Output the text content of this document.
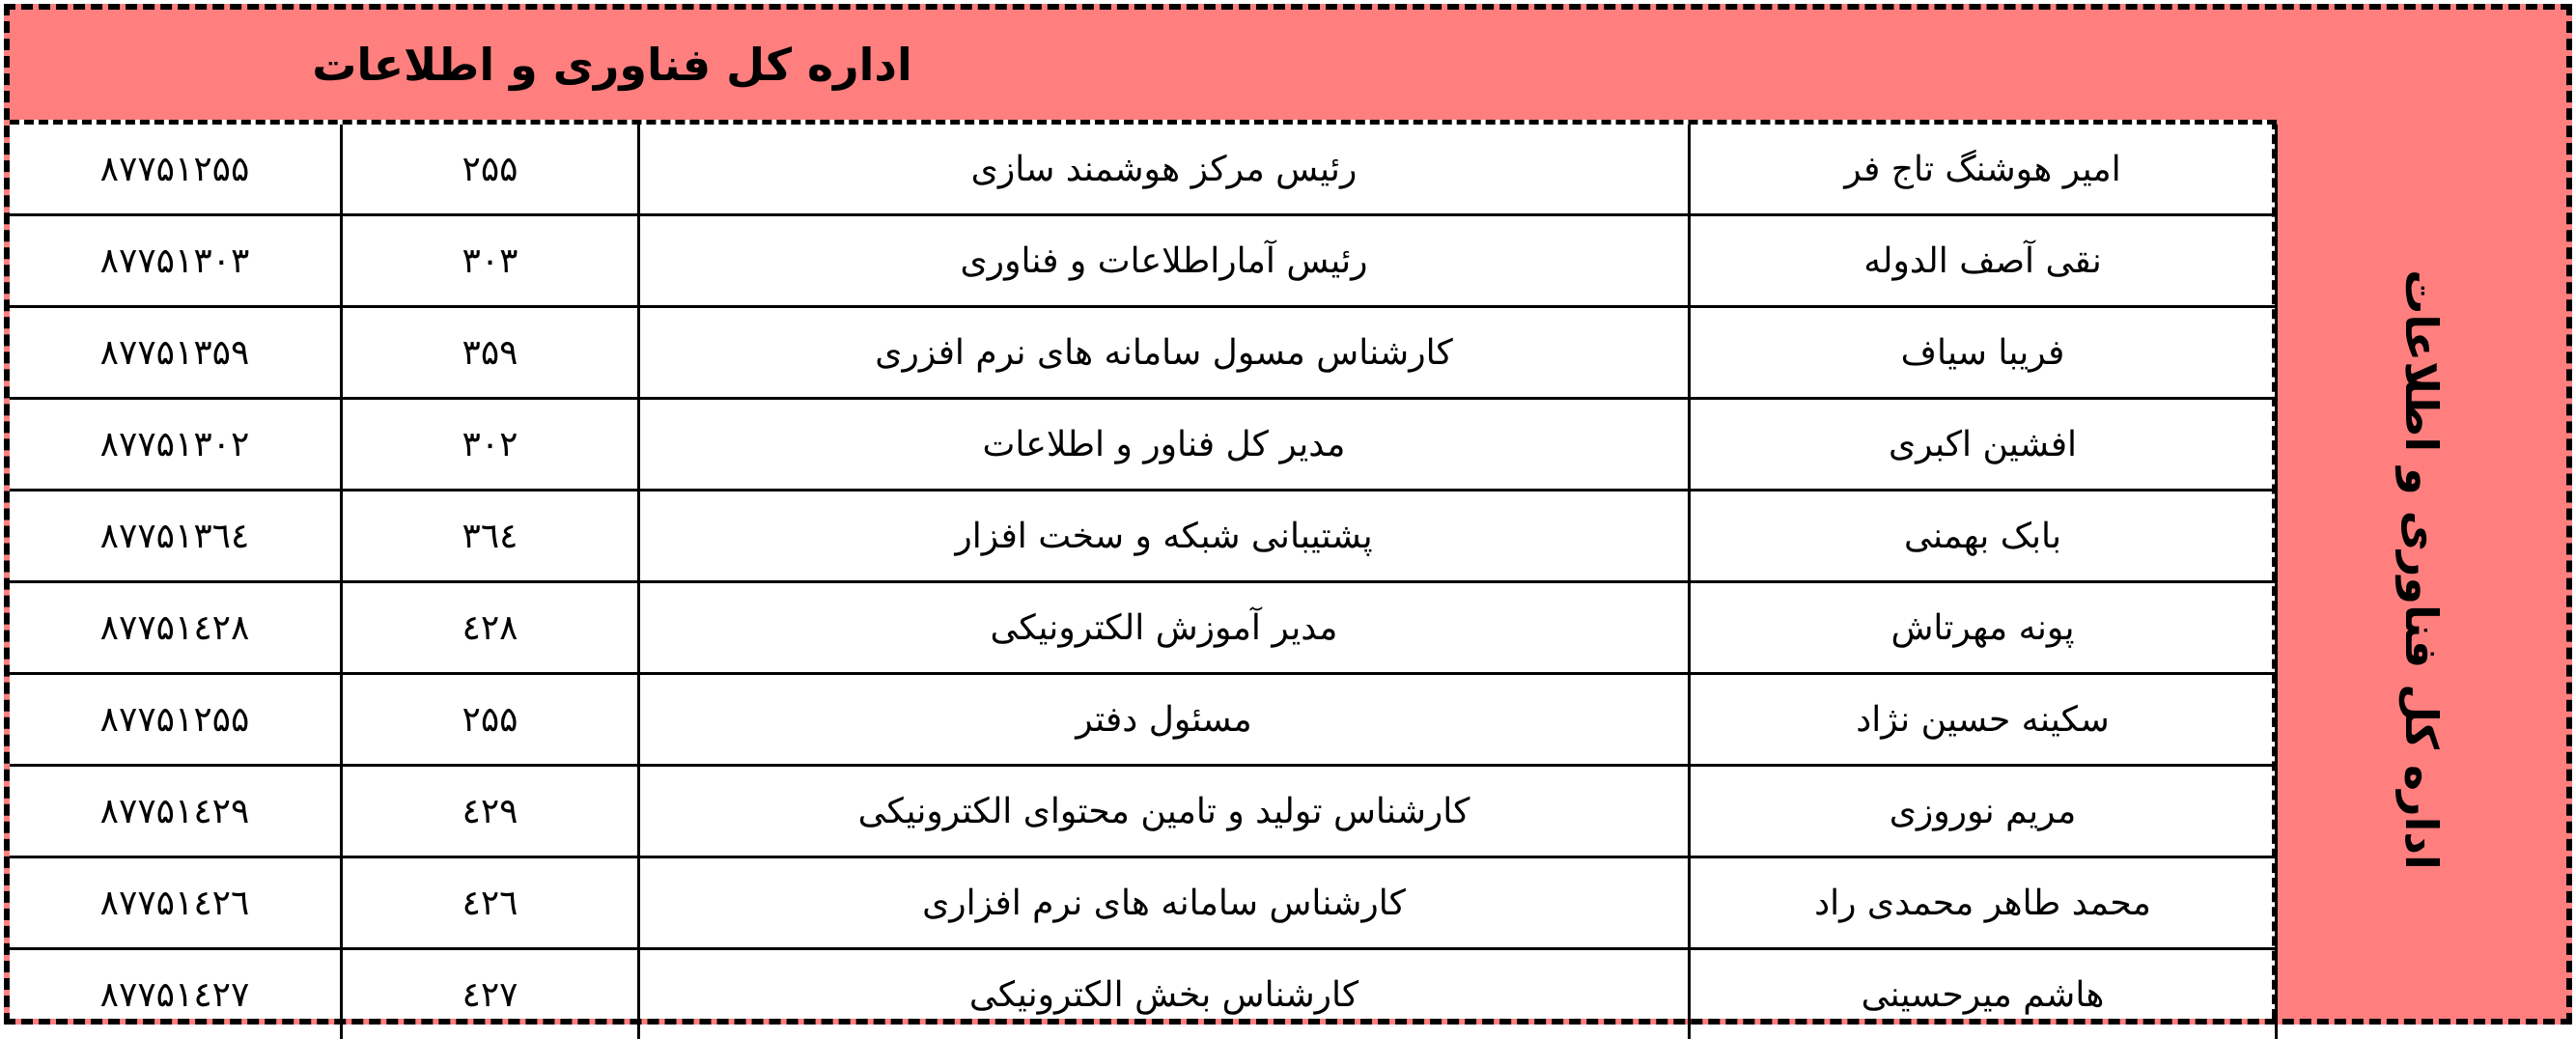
اداره کل فناوری و اطلاعات
۸۷۷۵۱۲۵۵	۲۵۵	رئیس مرکز هوشمند سازی	امیر هوشنگ تاج فر
۸۷۷۵۱۳۰۳	۳۰۳	رئیس آماراطلاعات و فناوری	نقی آصف الدوله
۸۷۷۵۱۳۵۹	۳۵۹	کارشناس مسول سامانه های نرم افزری	فریبا سیاف
۸۷۷۵۱۳۰۲	۳۰۲	مدیر کل فناور و اطلاعات	افشین اکبری
۸۷۷۵۱۳٦٤	۳٦٤	پشتیبانی شبکه و سخت افزار	بابک بهمنی
۸۷۷۵۱٤۲۸	٤۲۸	مدیر آموزش الکترونیکی	پونه مهرتاش
۸۷۷۵۱۲۵۵	۲۵۵	مسئول دفتر	سکینه حسین نژاد
۸۷۷۵۱٤۲۹	٤۲۹	کارشناس تولید و تامین محتوای الکترونیکی	مریم نوروزی
۸۷۷۵۱٤۲٦	٤۲٦	کارشناس سامانه های نرم افزاری	محمد طاهر محمدی راد
۸۷۷۵۱٤۲۷	٤۲۷	کارشناس بخش الکترونیکی	هاشم میرحسینی
اداره کل فناوری و اطلاعات
